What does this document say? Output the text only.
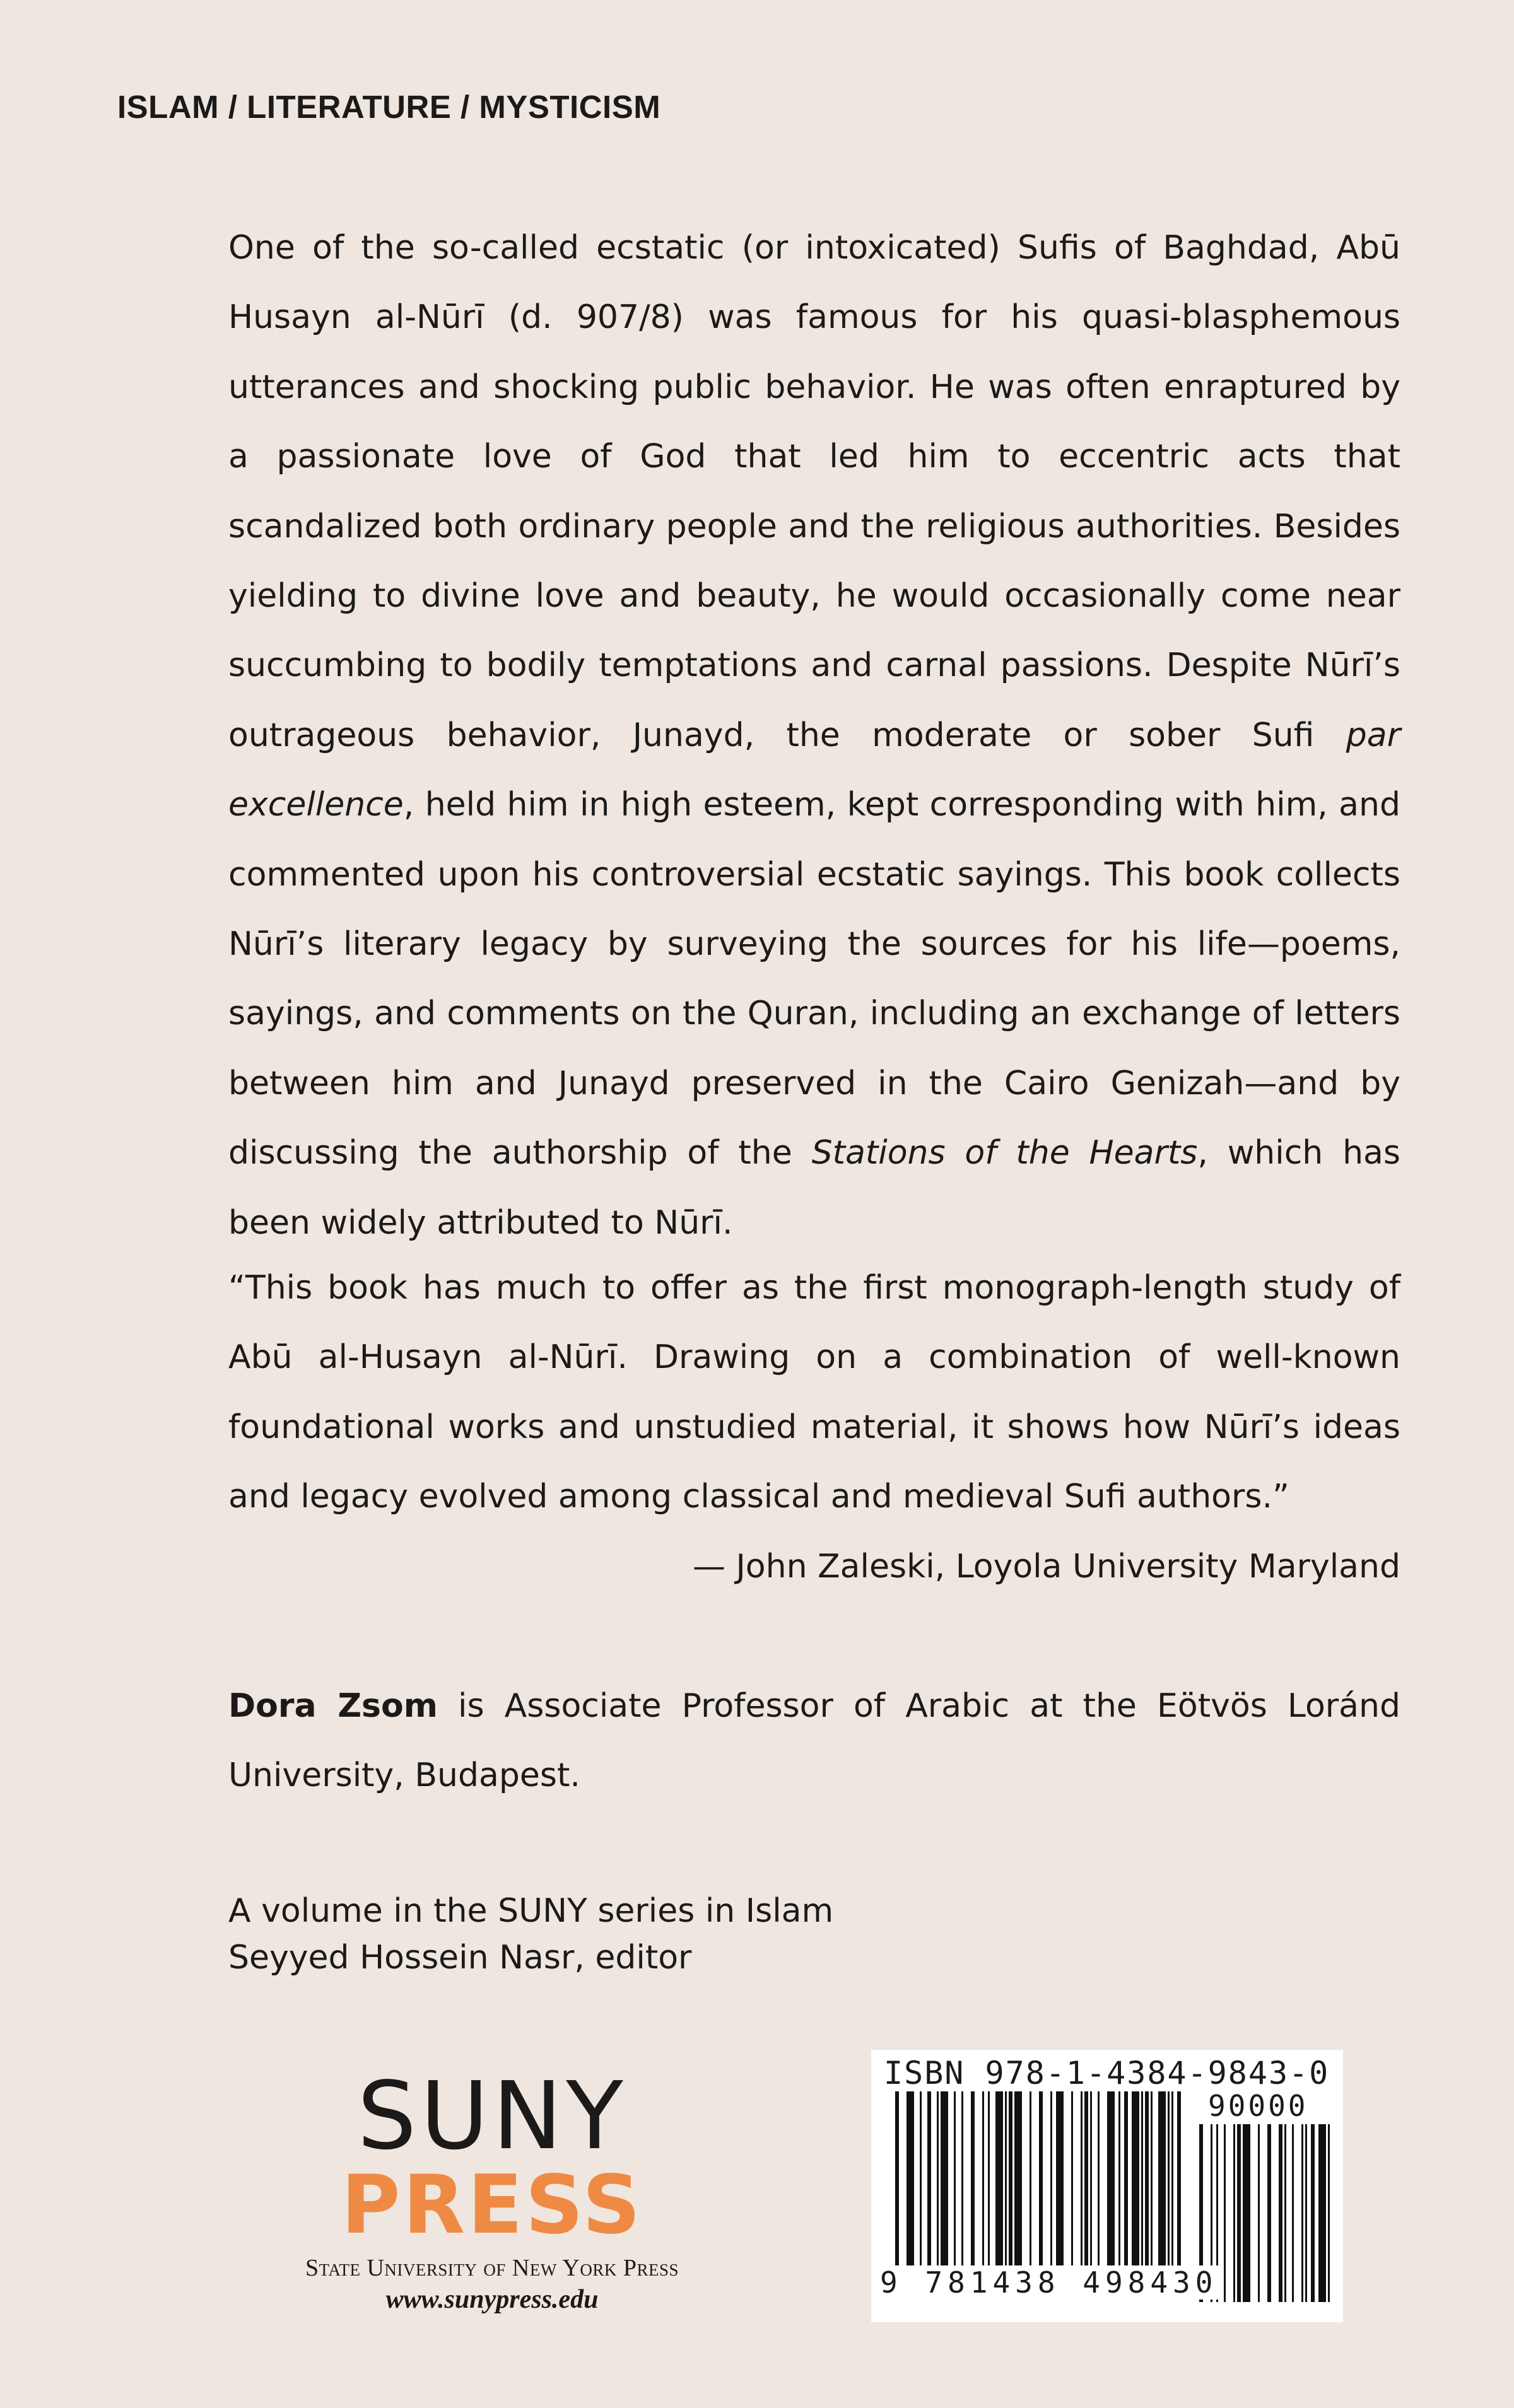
ISLAM / LITERATURE / MYSTICISM

One of the so-called ecstatic (or intoxicated) Sufis of Baghdad, Abū Husayn al-Nūrī (d. 907/8) was famous for his quasi-blasphemous utterances and shocking public behavior. He was often enraptured by a passionate love of God that led him to eccentric acts that scandalized both ordinary people and the religious authorities. Besides yielding to divine love and beauty, he would occasionally come near succumbing to bodily temptations and carnal passions. Despite Nūrī’s outrageous behavior, Junayd, the moderate or sober Sufi par excellence, held him in high esteem, kept corresponding with him, and commented upon his controversial ecstatic sayings. This book collects Nūrī’s literary legacy by surveying the sources for his life—poems, sayings, and comments on the Quran, including an exchange of letters between him and Junayd preserved in the Cairo Genizah—and by discussing the authorship of the Stations of the Hearts, which has been widely attributed to Nūrī.

“This book has much to offer as the first monograph-length study of Abū al-Husayn al-Nūrī. Drawing on a combination of well-known foundational works and unstudied material, it shows how Nūrī’s ideas and legacy evolved among classical and medieval Sufi authors.”

— John Zaleski, Loyola University Maryland

Dora Zsom is Associate Professor of Arabic at the Eötvös Loránd University, Budapest.

A volume in the SUNY series in Islam
Seyyed Hossein Nasr, editor
SUNY
PRESS
State University of New York Press
www.sunypress.edu
ISBN 978-1-4384-9843-0
90000
9 781438 498430
